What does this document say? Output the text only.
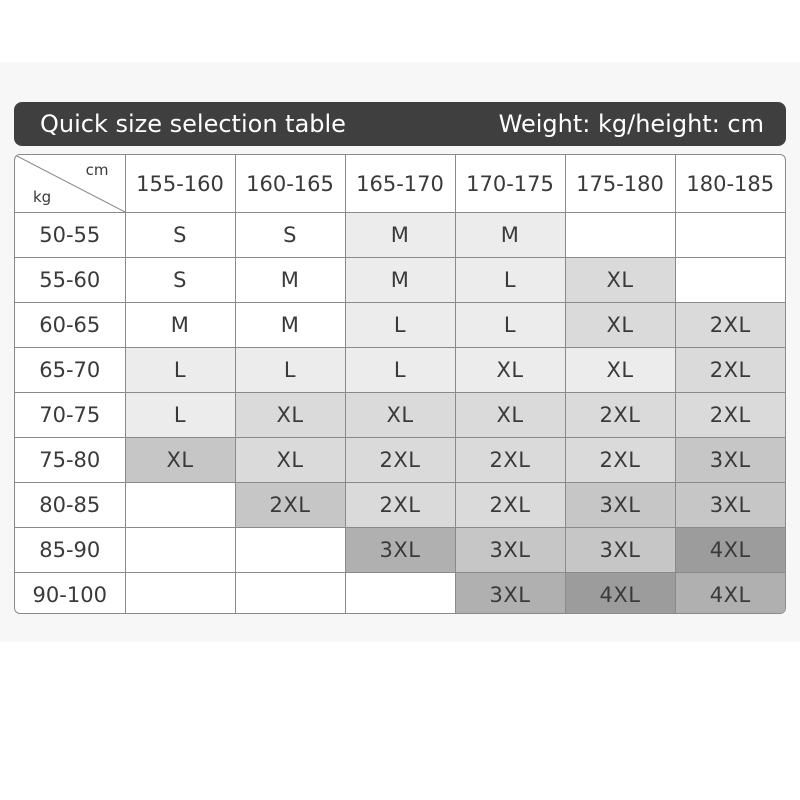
Quick size selection table	Weight: kg/height: cm
cm
kg	155-160	160-165	165-170	170-175	175-180	180-185
50-55	S	S	M	M		
55-60	S	M	M	L	XL	
60-65	M	M	L	L	XL	2XL
65-70	L	L	L	XL	XL	2XL
70-75	L	XL	XL	XL	2XL	2XL
75-80	XL	XL	2XL	2XL	2XL	3XL
80-85		2XL	2XL	2XL	3XL	3XL
85-90			3XL	3XL	3XL	4XL
90-100				3XL	4XL	4XL
